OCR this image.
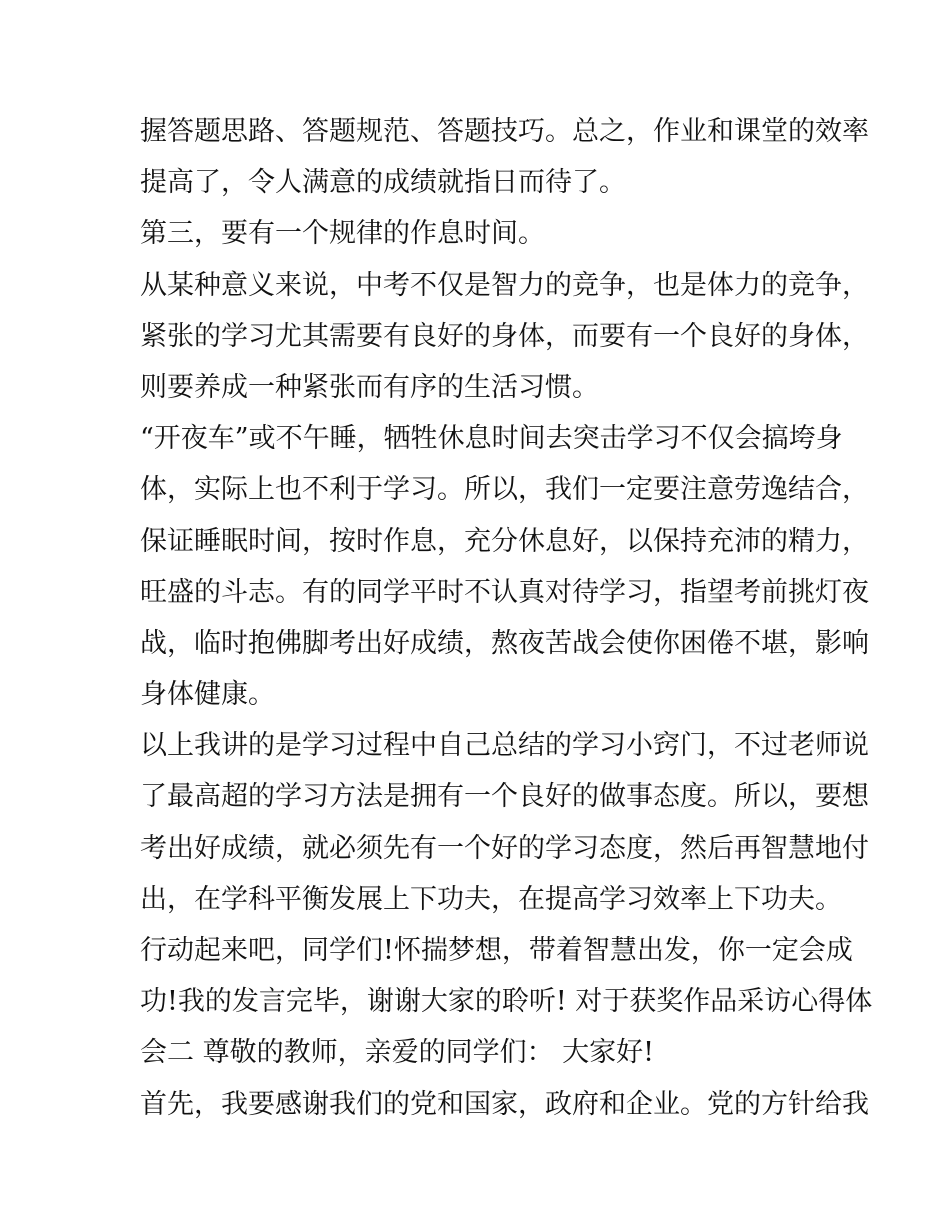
握答题思路、答题规范、答题技巧。总之，作业和课堂的效率
提高了，令人满意的成绩就指日而待了。
第三，要有一个规律的作息时间。
从某种意义来说，中考不仅是智力的竞争，也是体力的竞争，
紧张的学习尤其需要有良好的身体，而要有一个良好的身体，
则要养成一种紧张而有序的生活习惯。
“开夜车”或不午睡，牺牲休息时间去突击学习不仅会搞垮身
体，实际上也不利于学习。所以，我们一定要注意劳逸结合，
保证睡眠时间，按时作息，充分休息好，以保持充沛的精力，
旺盛的斗志。有的同学平时不认真对待学习，指望考前挑灯夜
战，临时抱佛脚考出好成绩，熬夜苦战会使你困倦不堪，影响
身体健康。
以上我讲的是学习过程中自己总结的学习小窍门，不过老师说
了最高超的学习方法是拥有一个良好的做事态度。所以，要想
考出好成绩，就必须先有一个好的学习态度，然后再智慧地付
出，在学科平衡发展上下功夫，在提高学习效率上下功夫。
行动起来吧，同学们!怀揣梦想，带着智慧出发，你一定会成
功!我的发言完毕，谢谢大家的聆听! 对于获奖作品采访心得体
会二 尊敬的教师，亲爱的同学们： 大家好!
首先，我要感谢我们的党和国家，政府和企业。党的方针给我
